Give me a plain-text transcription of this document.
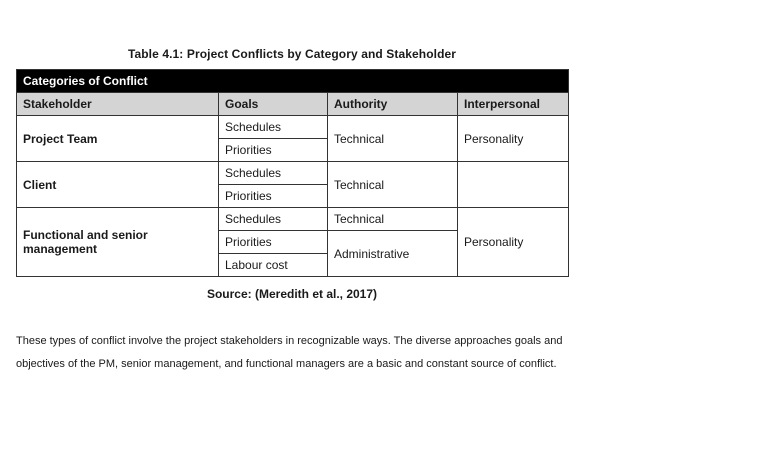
Table 4.1: Project Conflicts by Category and Stakeholder
Categories of Conflict			
Stakeholder	Goals	Authority	Interpersonal
Project Team	Schedules	Technical	Personality
	Priorities		
Client	Schedules	Technical	
	Priorities		
Functional and senior management	Schedules	Technical	Personality
	Priorities	Administrative	
	Labour cost		
Source: (Meredith et al., 2017)

These types of conflict involve the project stakeholders in recognizable ways. The diverse approaches goals and
objectives of the PM, senior management, and functional managers are a basic and constant source of conflict.
